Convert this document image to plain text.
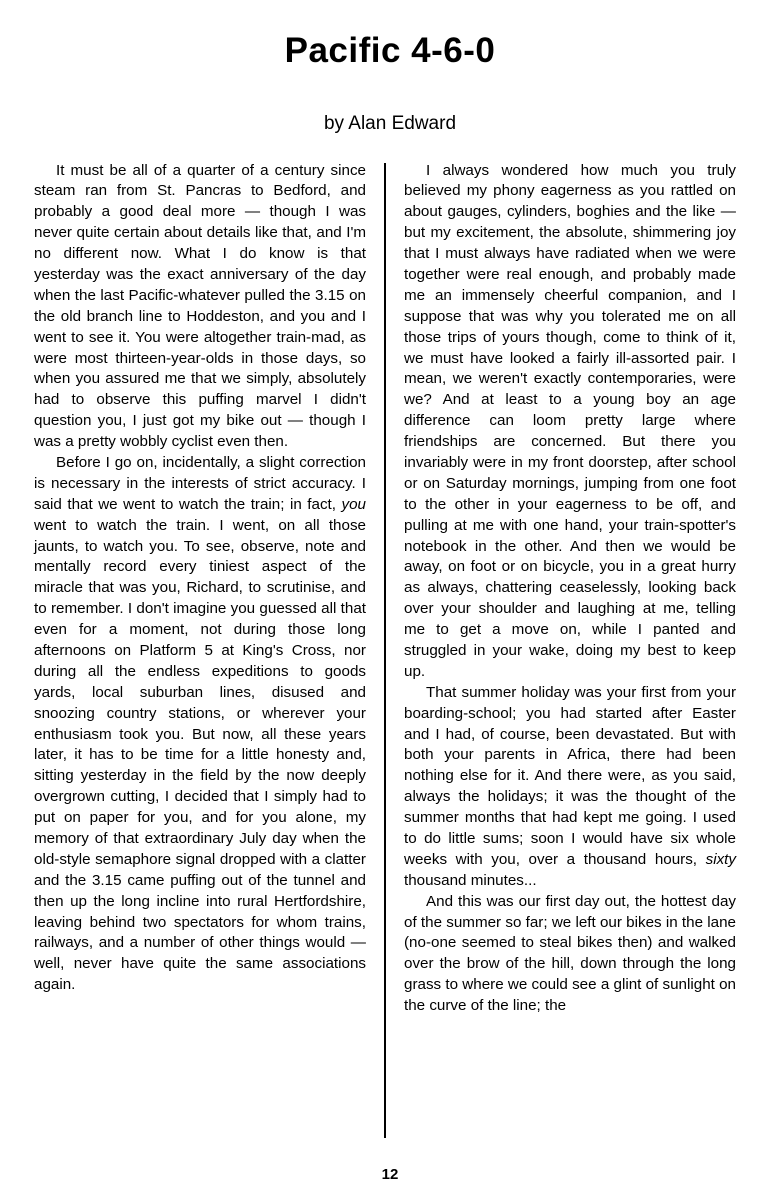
Pacific 4-6-0
by Alan Edward

It must be all of a quarter of a century since steam ran from St. Pancras to Bedford, and probably a good deal more — though I was never quite certain about details like that, and I'm no different now. What I do know is that yesterday was the exact anniversary of the day when the last Pacific-whatever pulled the 3.15 on the old branch line to Hoddeston, and you and I went to see it. You were altogether train-mad, as were most thirteen-year-olds in those days, so when you assured me that we simply, absolutely had to observe this puffing marvel I didn't question you, I just got my bike out — though I was a pretty wobbly cyclist even then.

Before I go on, incidentally, a slight correction is necessary in the interests of strict accuracy. I said that we went to watch the train; in fact, you went to watch the train. I went, on all those jaunts, to watch you. To see, observe, note and mentally record every tiniest aspect of the miracle that was you, Richard, to scrutinise, and to remember. I don't imagine you guessed all that even for a moment, not during those long afternoons on Platform 5 at King's Cross, nor during all the endless expeditions to goods yards, local suburban lines, disused and snoozing country stations, or wherever your enthusiasm took you. But now, all these years later, it has to be time for a little honesty and, sitting yesterday in the field by the now deeply overgrown cutting, I decided that I simply had to put on paper for you, and for you alone, my memory of that extraordinary July day when the old-style semaphore signal dropped with a clatter and the 3.15 came puffing out of the tunnel and then up the long incline into rural Hertfordshire, leaving behind two spectators for whom trains, railways, and a number of other things would — well, never have quite the same associations again.

I always wondered how much you truly believed my phony eagerness as you rattled on about gauges, cylinders, boghies and the like — but my excitement, the absolute, shimmering joy that I must always have radiated when we were together were real enough, and probably made me an immensely cheerful companion, and I suppose that was why you tolerated me on all those trips of yours though, come to think of it, we must have looked a fairly ill-assorted pair. I mean, we weren't exactly contemporaries, were we? And at least to a young boy an age difference can loom pretty large where friendships are concerned. But there you invariably were in my front doorstep, after school or on Saturday mornings, jumping from one foot to the other in your eagerness to be off, and pulling at me with one hand, your train-spotter's notebook in the other. And then we would be away, on foot or on bicycle, you in a great hurry as always, chattering ceaselessly, looking back over your shoulder and laughing at me, telling me to get a move on, while I panted and struggled in your wake, doing my best to keep up.

That summer holiday was your first from your boarding-school; you had started after Easter and I had, of course, been devastated. But with both your parents in Africa, there had been nothing else for it. And there were, as you said, always the holidays; it was the thought of the summer months that had kept me going. I used to do little sums; soon I would have six whole weeks with you, over a thousand hours, sixty thousand minutes...

And this was our first day out, the hottest day of the summer so far; we left our bikes in the lane (no-one seemed to steal bikes then) and walked over the brow of the hill, down through the long grass to where we could see a glint of sunlight on the curve of the line; the

12
